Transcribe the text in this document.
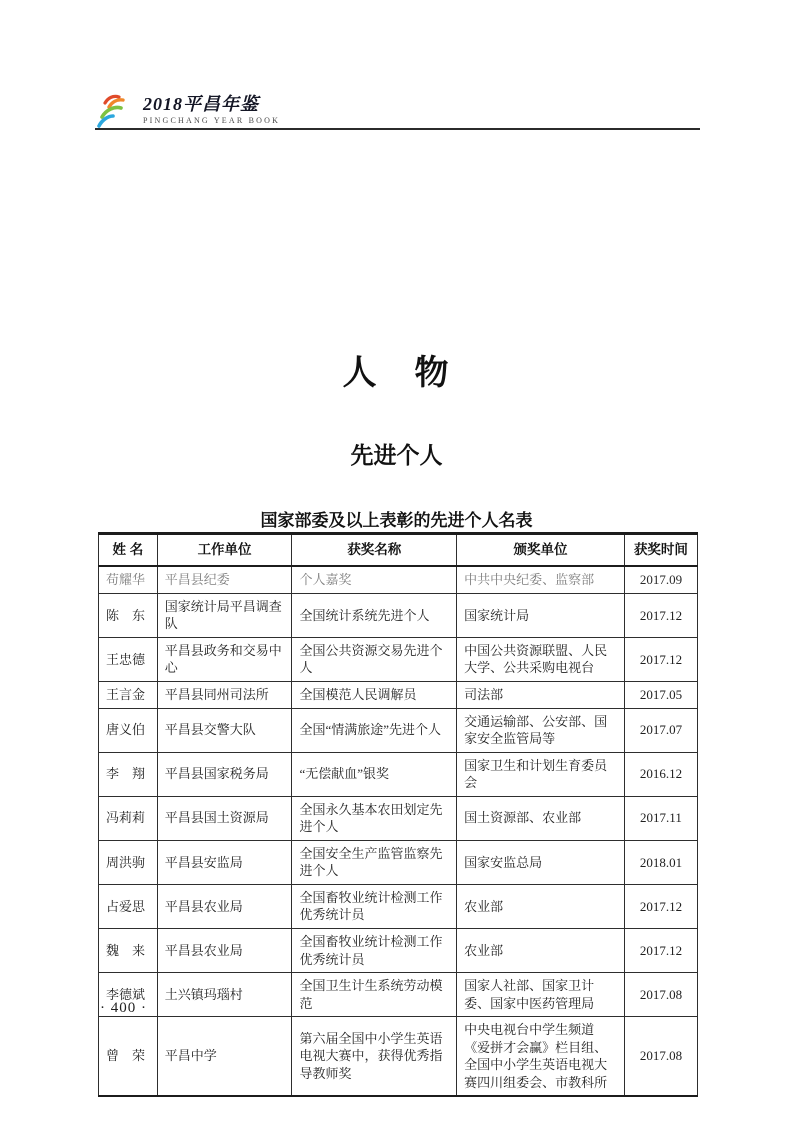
2018平昌年鉴
PINGCHANG YEAR BOOK
人　物
先进个人
国家部委及以上表彰的先进个人名表
姓 名	工作单位	获奖名称	颁奖单位	获奖时间
苟耀华	平昌县纪委	个人嘉奖	中共中央纪委、监察部	2017.09
陈　东	国家统计局平昌调查队	全国统计系统先进个人	国家统计局	2017.12
王忠德	平昌县政务和交易中心	全国公共资源交易先进个人	中国公共资源联盟、人民大学、公共采购电视台	2017.12
王言金	平昌县同州司法所	全国模范人民调解员	司法部	2017.05
唐义伯	平昌县交警大队	全国“情满旅途”先进个人	交通运输部、公安部、国家安全监管局等	2017.07
李　翔	平昌县国家税务局	“无偿献血”银奖	国家卫生和计划生育委员会	2016.12
冯莉莉	平昌县国土资源局	全国永久基本农田划定先进个人	国土资源部、农业部	2017.11
周洪驹	平昌县安监局	全国安全生产监管监察先进个人	国家安监总局	2018.01
占爱思	平昌县农业局	全国畜牧业统计检测工作优秀统计员	农业部	2017.12
魏　来	平昌县农业局	全国畜牧业统计检测工作优秀统计员	农业部	2017.12
李德斌	土兴镇玛瑙村	全国卫生计生系统劳动模范	国家人社部、国家卫计委、国家中医药管理局	2017.08
曾　荣	平昌中学	第六届全国中小学生英语电视大赛中，获得优秀指导教师奖	中央电视台中学生频道《爱拼才会赢》栏目组、全国中小学生英语电视大赛四川组委会、市教科所	2017.08
· 400 ·
